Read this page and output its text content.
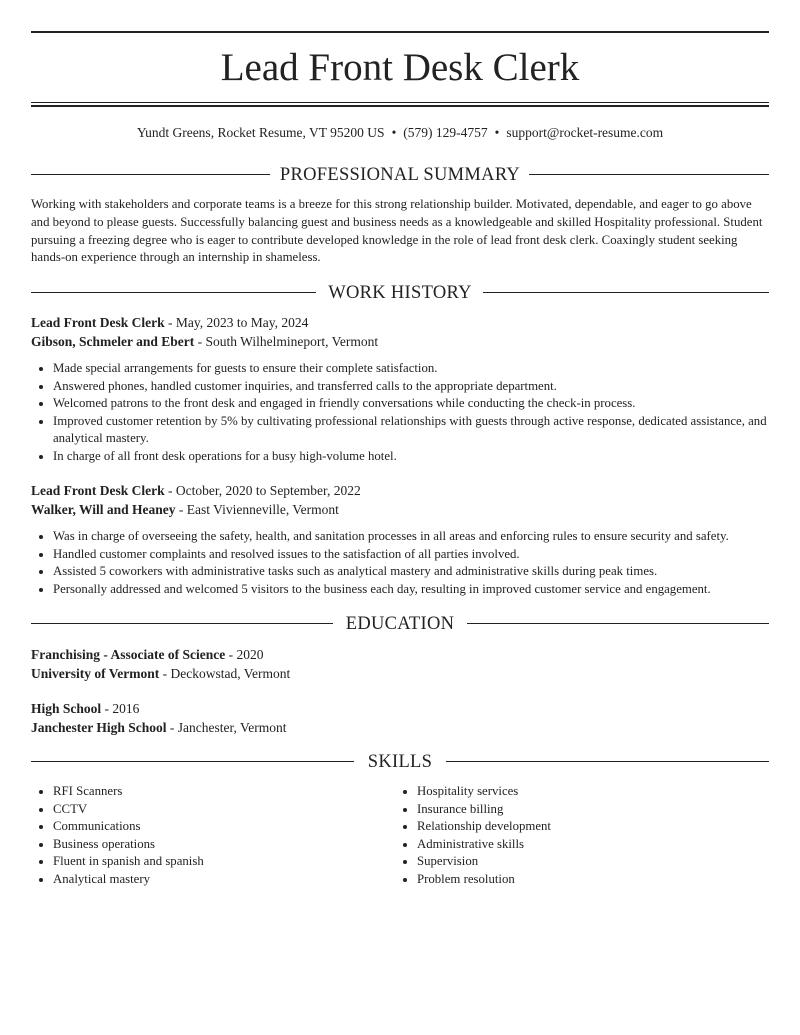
Lead Front Desk Clerk
Yundt Greens, Rocket Resume, VT 95200 US • (579) 129-4757 • support@rocket-resume.com
PROFESSIONAL SUMMARY

Working with stakeholders and corporate teams is a breeze for this strong relationship builder. Motivated, dependable, and eager to go above and beyond to please guests. Successfully balancing guest and business needs as a knowledgeable and skilled Hospitality professional. Student pursuing a freezing degree who is eager to contribute developed knowledge in the role of lead front desk clerk. Coaxingly student seeking hands-on experience through an internship in shameless.

WORK HISTORY
Lead Front Desk Clerk - May, 2023 to May, 2024
Gibson, Schmeler and Ebert - South Wilhelmineport, Vermont
• Made special arrangements for guests to ensure their complete satisfaction.
• Answered phones, handled customer inquiries, and transferred calls to the appropriate department.
• Welcomed patrons to the front desk and engaged in friendly conversations while conducting the check-in process.
• Improved customer retention by 5% by cultivating professional relationships with guests through active response, dedicated assistance, and analytical mastery.
• In charge of all front desk operations for a busy high-volume hotel.
Lead Front Desk Clerk - October, 2020 to September, 2022
Walker, Will and Heaney - East Vivienneville, Vermont
• Was in charge of overseeing the safety, health, and sanitation processes in all areas and enforcing rules to ensure security and safety.
• Handled customer complaints and resolved issues to the satisfaction of all parties involved.
• Assisted 5 coworkers with administrative tasks such as analytical mastery and administrative skills during peak times.
• Personally addressed and welcomed 5 visitors to the business each day, resulting in improved customer service and engagement.
EDUCATION
Franchising - Associate of Science - 2020
University of Vermont - Deckowstad, Vermont
High School - 2016
Janchester High School - Janchester, Vermont
SKILLS
• RFI Scanners
• CCTV
• Communications
• Business operations
• Fluent in spanish and spanish
• Analytical mastery
• Hospitality services
• Insurance billing
• Relationship development
• Administrative skills
• Supervision
• Problem resolution
